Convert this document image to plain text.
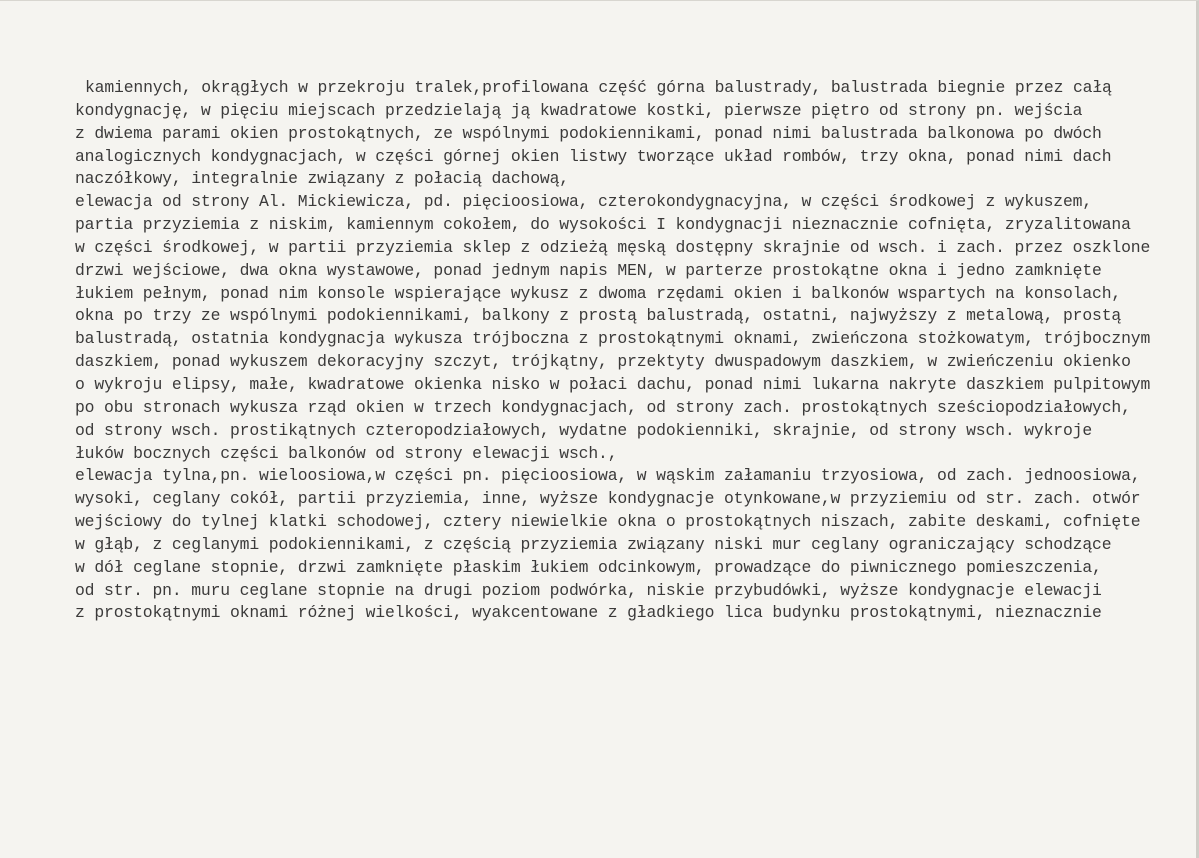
kamiennych, okrągłych w przekroju tralek,profilowana część górna balustrady, balustrada biegnie przez całą
kondygnację, w pięciu miejscach przedzielają ją kwadratowe kostki, pierwsze piętro od strony pn. wejścia
z dwiema parami okien prostokątnych, ze wspólnymi podokiennikami, ponad nimi balustrada balkonowa po dwóch
analogicznych kondygnacjach, w części górnej okien listwy tworzące układ rombów, trzy okna, ponad nimi dach
naczółkowy, integralnie związany z połacią dachową,
elewacja od strony Al. Mickiewicza, pd. pięcioosiowa, czterokondygnacyjna, w części środkowej z wykuszem,
partia przyziemia z niskim, kamiennym cokołem, do wysokości I kondygnacji nieznacznie cofnięta, zryzalitowana
w części środkowej, w partii przyziemia sklep z odzieżą męską dostępny skrajnie od wsch. i zach. przez oszklone
drzwi wejściowe, dwa okna wystawowe, ponad jednym napis MEN, w parterze prostokątne okna i jedno zamknięte
łukiem pełnym, ponad nim konsole wspierające wykusz z dwoma rzędami okien i balkonów wspartych na konsolach,
okna po trzy ze wspólnymi podokiennikami, balkony z prostą balustradą, ostatni, najwyższy z metalową, prostą
balustradą, ostatnia kondygnacja wykusza trójboczna z prostokątnymi oknami, zwieńczona stożkowatym, trójbocznym
daszkiem, ponad wykuszem dekoracyjny szczyt, trójkątny, przektyty dwuspadowym daszkiem, w zwieńczeniu okienko
o wykroju elipsy, małe, kwadratowe okienka nisko w połaci dachu, ponad nimi lukarna nakryte daszkiem pulpitowym
po obu stronach wykusza rząd okien w trzech kondygnacjach, od strony zach. prostokątnych sześciopodziałowych,
od strony wsch. prostikątnych czteropodziałowych, wydatne podokienniki, skrajnie, od strony wsch. wykroje
łuków bocznych części balkonów od strony elewacji wsch.,
elewacja tylna,pn. wieloosiowa,w części pn. pięcioosiowa, w wąskim załamaniu trzyosiowa, od zach. jednoosiowa,
wysoki, ceglany cokół, partii przyziemia, inne, wyższe kondygnacje otynkowane,w przyziemiu od str. zach. otwór
wejściowy do tylnej klatki schodowej, cztery niewielkie okna o prostokątnych niszach, zabite deskami, cofnięte
w głąb, z ceglanymi podokiennikami, z częścią przyziemia związany niski mur ceglany ograniczający schodzące
w dół ceglane stopnie, drzwi zamknięte płaskim łukiem odcinkowym, prowadzące do piwnicznego pomieszczenia,
od str. pn. muru ceglane stopnie na drugi poziom podwórka, niskie przybudówki, wyższe kondygnacje elewacji
z prostokątnymi oknami różnej wielkości, wyakcentowane z gładkiego lica budynku prostokątnymi, nieznacznie
